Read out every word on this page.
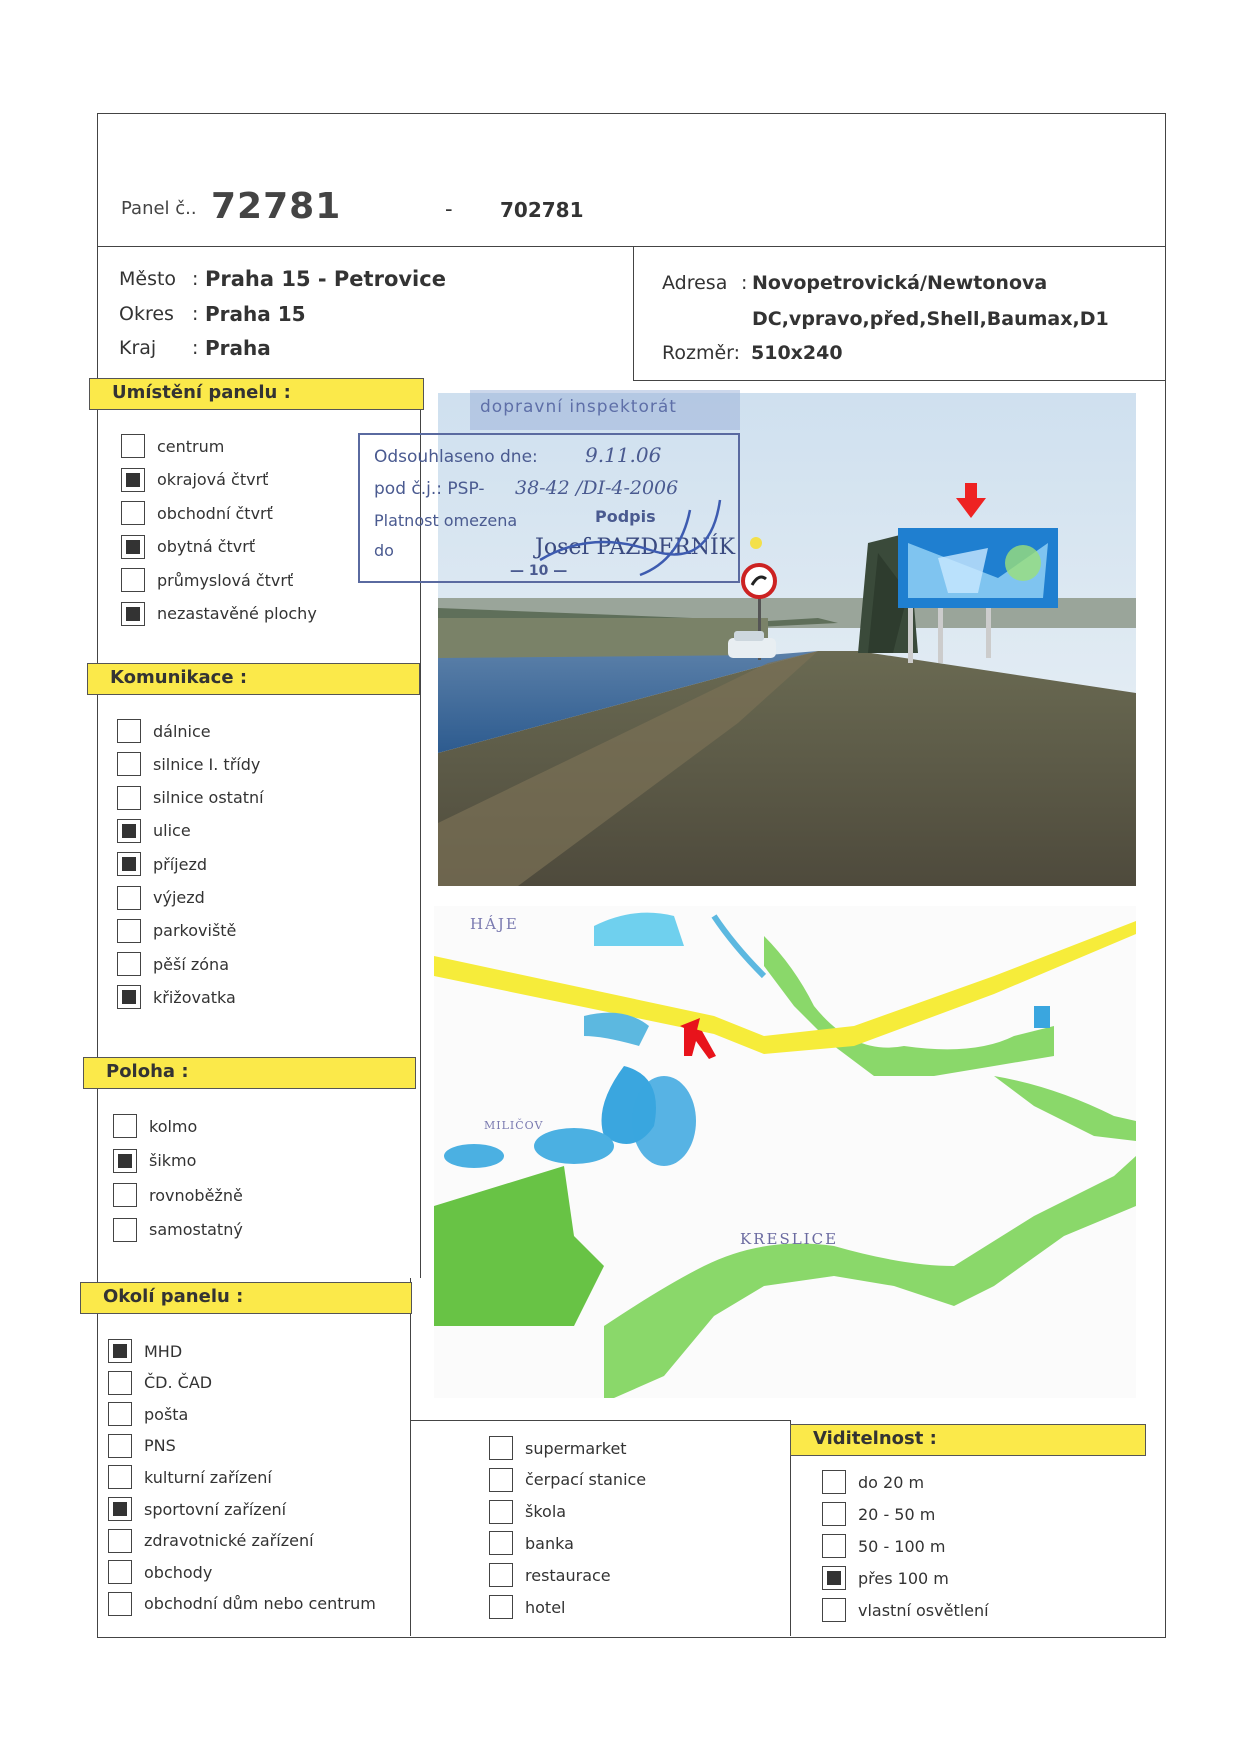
Panel č.. 72781	- 702781
Město : Praha 15 - Petrovice
Okres : Praha 15
Kraj : Praha
Adresa : Novopetrovická/Newtonova
DC,vpravo,před,Shell,Baumax,D1
Rozměr: 510x240
Umístění panelu :
centrum
okrajová čtvrť
obchodní čtvrť
obytná čtvrť
průmyslová čtvrť
nezastavěné plochy
Komunikace :
dálnice
silnice I. třídy
silnice ostatní
ulice
příjezd
výjezd
parkoviště
pěší zóna
křižovatka
Poloha :
kolmo
šikmo
rovnoběžně
samostatný
Okolí panelu :
MHD
ČD. ČAD
pošta
PNS
kulturní zařízení
sportovní zařízení
zdravotnické zařízení
obchody
obchodní dům nebo centrum
supermarket
čerpací stanice
škola
banka
restaurace
hotel
Viditelnost :
do 20 m
20 - 50 m
50 - 100 m
přes 100 m
vlastní osvětlení
dopravní inspektorát
Odsouhlaseno dne: 9.11.06
pod č.j.: PSP- 38-42 /DI-4-2006
Platnost omezena	Podpis
do	Josef PAZDERNÍK
— 10 —
HÁJE
MILIČOV
KRESLICE
